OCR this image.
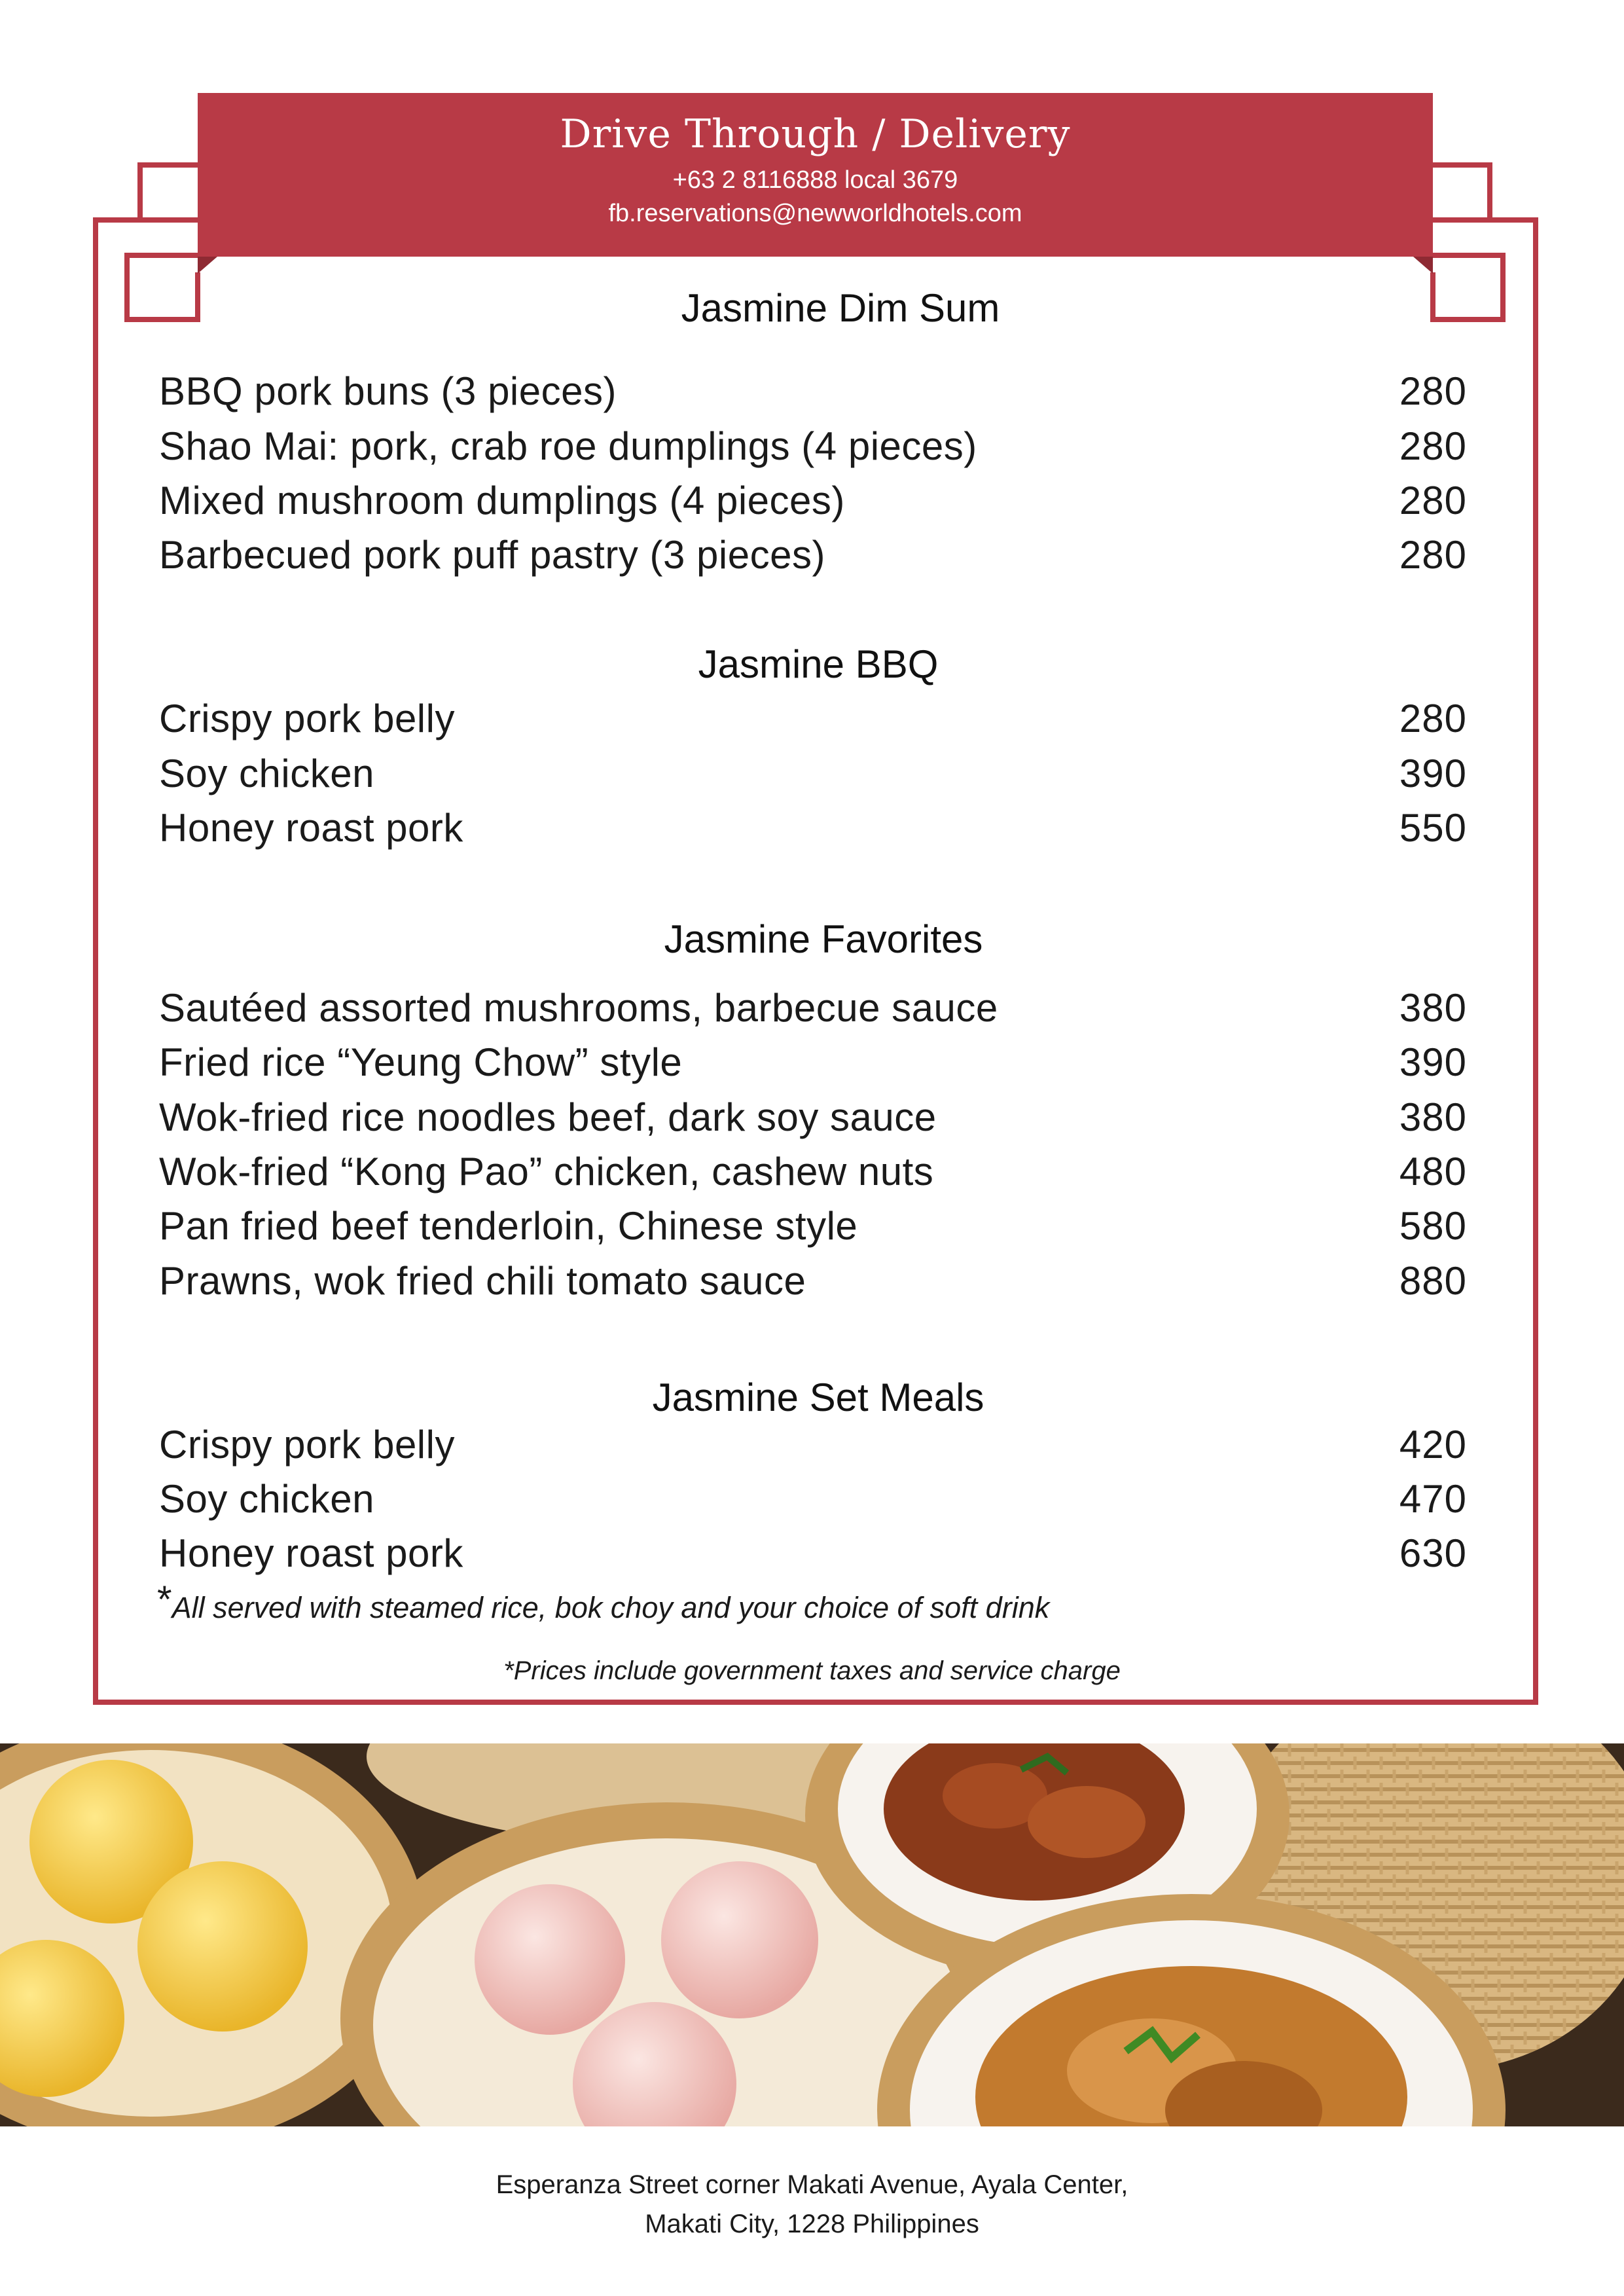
Drive Through / Delivery
+63 2 8116888 local 3679
fb.reservations@newworldhotels.com
Jasmine Dim Sum
BBQ pork buns (3 pieces)	280
Shao Mai: pork, crab roe dumplings (4 pieces)	280
Mixed mushroom dumplings (4 pieces)	280
Barbecued pork puff pastry (3 pieces)	280
Jasmine BBQ
Crispy pork belly	280
Soy chicken	390
Honey roast pork	550
Jasmine Favorites
Sautéed assorted mushrooms, barbecue sauce	380
Fried rice “Yeung Chow” style	390
Wok-fried rice noodles beef, dark soy sauce	380
Wok-fried “Kong Pao” chicken, cashew nuts	480
Pan fried beef tenderloin, Chinese style	580
Prawns, wok fried chili tomato sauce	880
Jasmine Set Meals
Crispy pork belly	420
Soy chicken	470
Honey roast pork	630
*All served with steamed rice, bok choy and your choice of soft drink
*Prices include government taxes and service charge
Esperanza Street corner Makati Avenue, Ayala Center,
Makati City, 1228 Philippines
